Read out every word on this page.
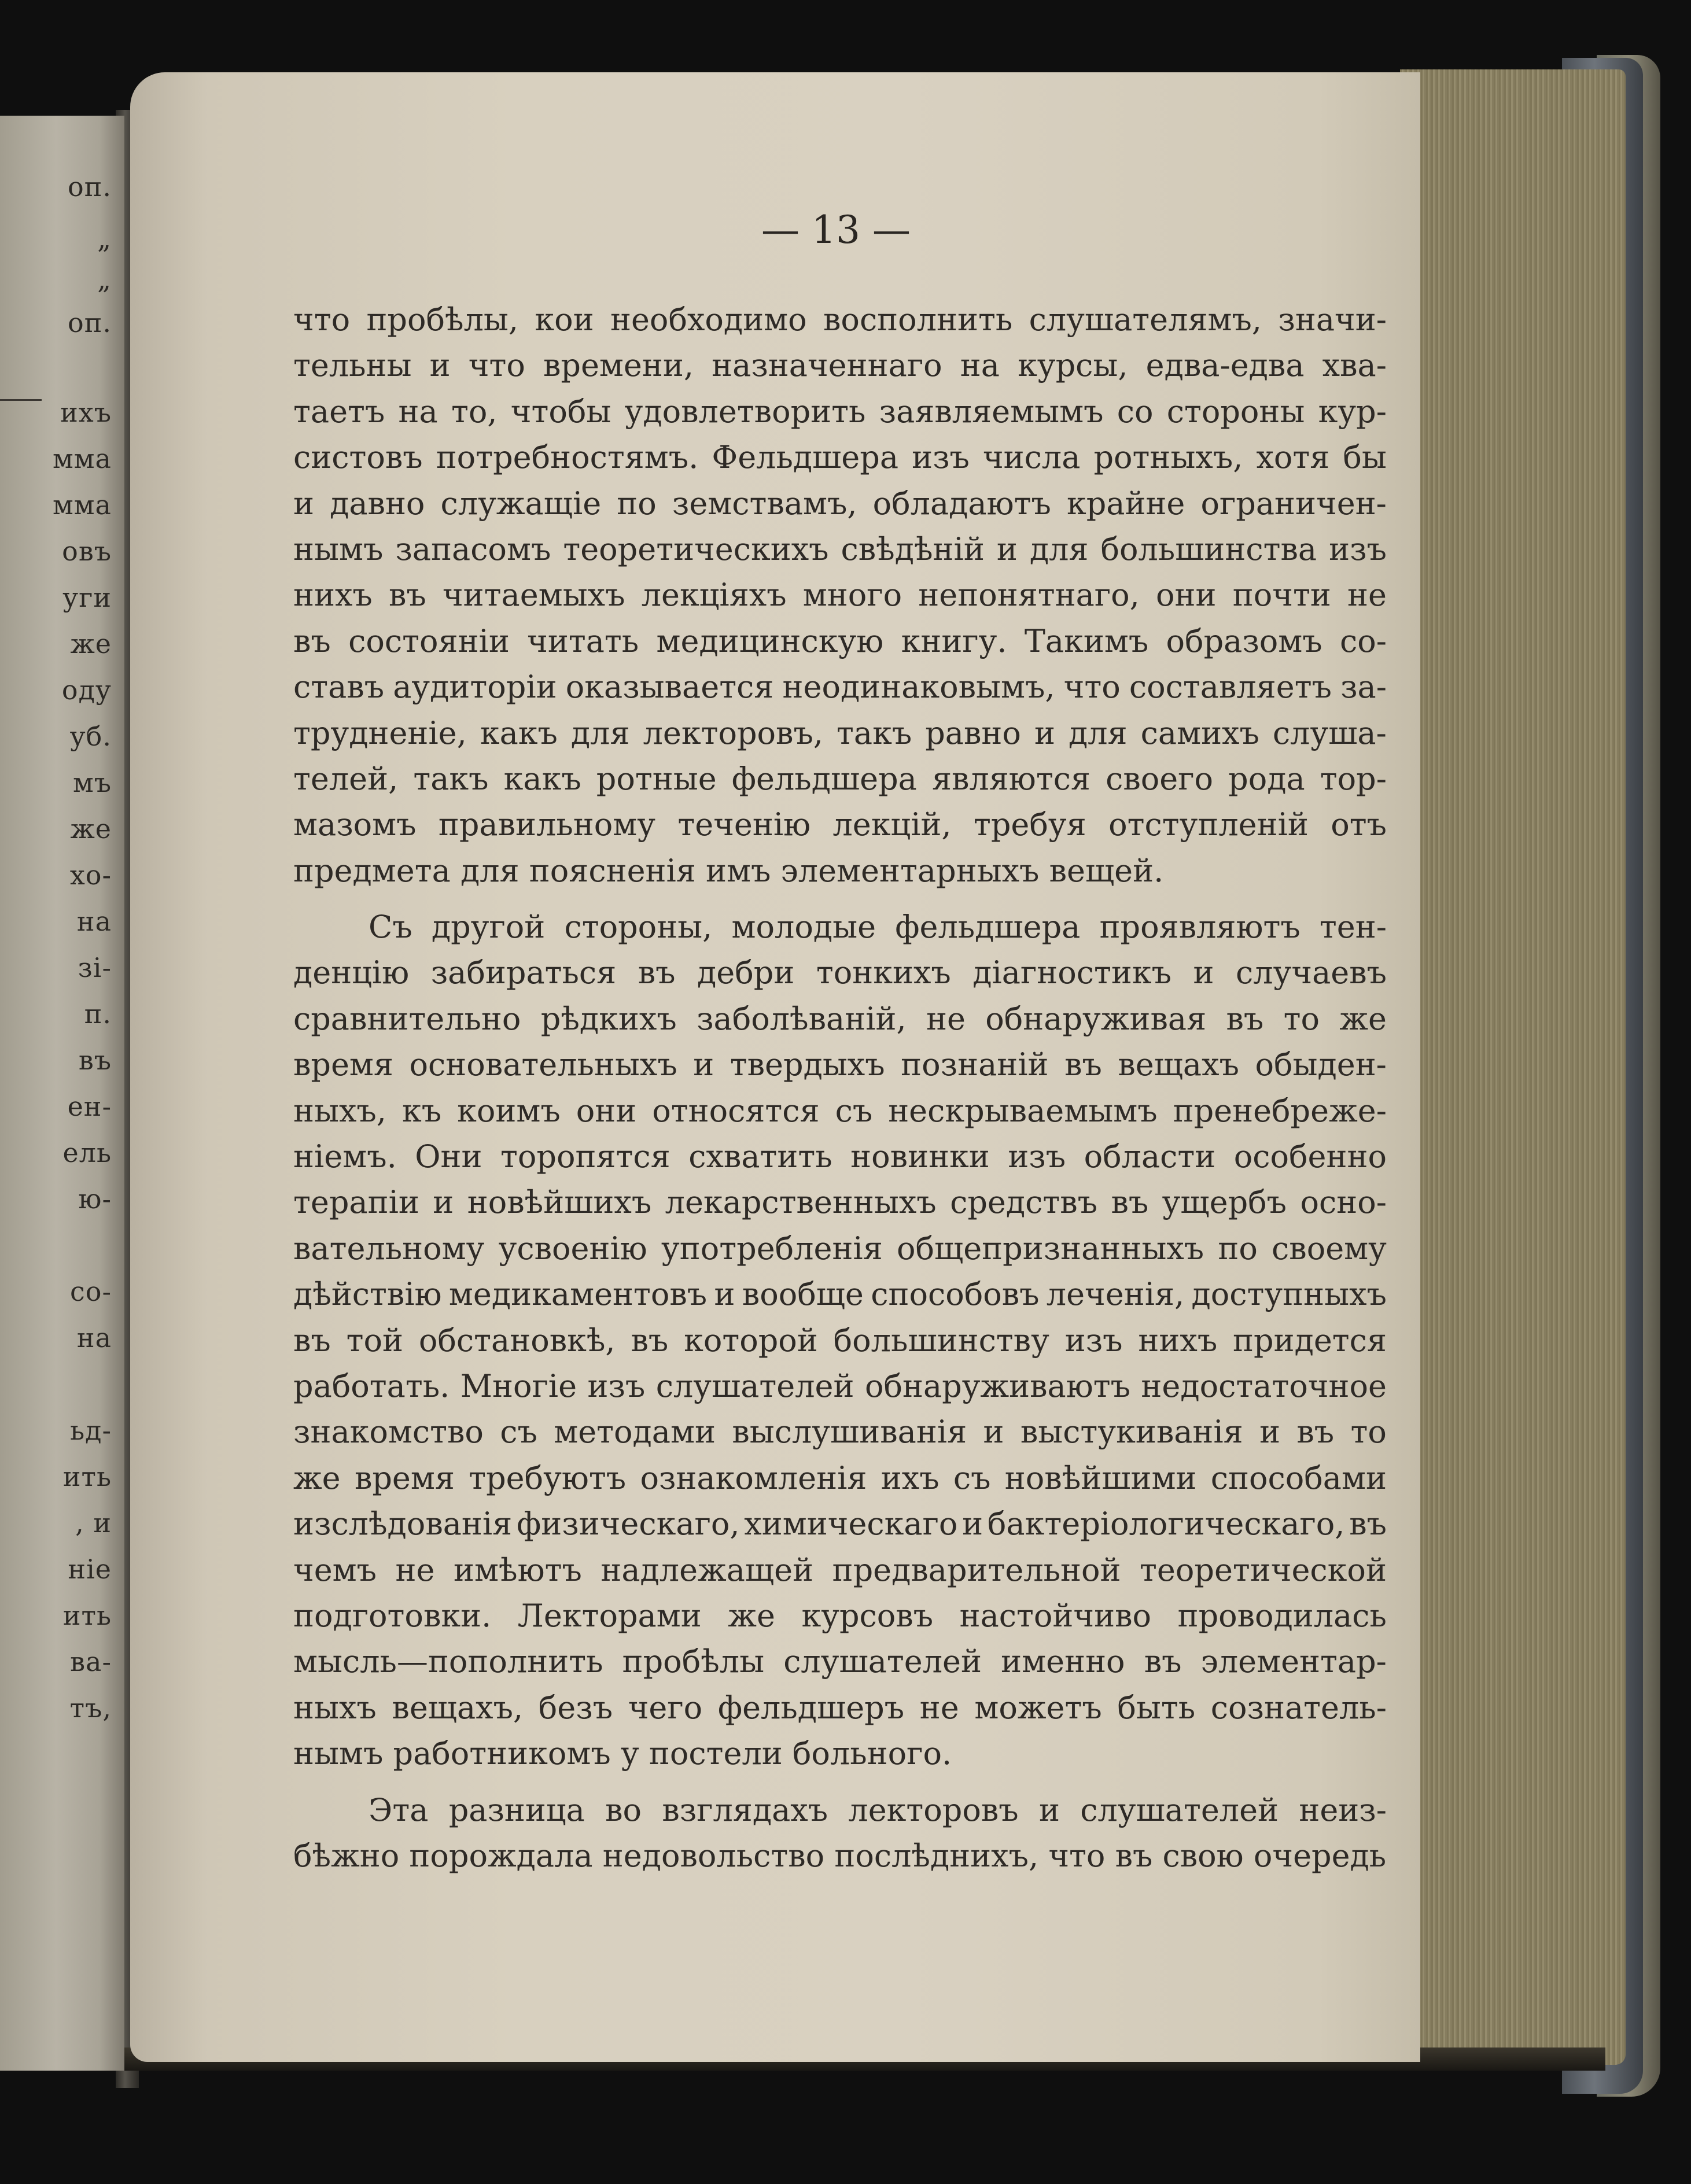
оп.
„
„
оп.
ихъ
мма
мма
овъ
уги
же
оду
уб.
мъ
же
хо-
на
зі-
п.
въ
ен-
ель
ю-
со-
на
ьд-
ить
, и
ніе
ить
ва-
тъ,
— 13 —
что пробѣлы, кои необходимо восполнить слушателямъ, значи-
тельны и что времени, назначеннаго на курсы, едва-едва хва-
таетъ на то, чтобы удовлетворить заявляемымъ со стороны кур-
систовъ потребностямъ. Фельдшера изъ числа ротныхъ, хотя бы
и давно служащіе по земствамъ, обладаютъ крайне ограничен-
нымъ запасомъ теоретическихъ свѣдѣній и для большинства изъ
нихъ въ читаемыхъ лекціяхъ много непонятнаго, они почти не
въ состояніи читать медицинскую книгу. Такимъ образомъ со-
ставъ аудиторіи оказывается неодинаковымъ, что составляетъ за-
трудненіе, какъ для лекторовъ, такъ равно и для самихъ слуша-
телей, такъ какъ ротные фельдшера являются своего рода тор-
мазомъ правильному теченію лекцій, требуя отступленій отъ
предмета для поясненія имъ элементарныхъ вещей.
Съ другой стороны, молодые фельдшера проявляютъ тен-
денцію забираться въ дебри тонкихъ діагностикъ и случаевъ
сравнительно рѣдкихъ заболѣваній, не обнаруживая въ то же
время основательныхъ и твердыхъ познаній въ вещахъ обыден-
ныхъ, къ коимъ они относятся съ нескрываемымъ пренебреже-
ніемъ. Они торопятся схватить новинки изъ области особенно
терапіи и новѣйшихъ лекарственныхъ средствъ въ ущербъ осно-
вательному усвоенію употребленія общепризнанныхъ по своему
дѣйствію медикаментовъ и вообще способовъ леченія, доступныхъ
въ той обстановкѣ, въ которой большинству изъ нихъ придется
работать. Многіе изъ слушателей обнаруживаютъ недостаточное
знакомство съ методами выслушиванія и выстукиванія и въ то
же время требуютъ ознакомленія ихъ съ новѣйшими способами
изслѣдованія физическаго, химическаго и бактеріологическаго, въ
чемъ не имѣютъ надлежащей предварительной теоретической
подготовки. Лекторами же курсовъ настойчиво проводилась
мысль—пополнить пробѣлы слушателей именно въ элементар-
ныхъ вещахъ, безъ чего фельдшеръ не можетъ быть сознатель-
нымъ работникомъ у постели больного.
Эта разница во взглядахъ лекторовъ и слушателей неиз-
бѣжно порождала недовольство послѣднихъ, что въ свою очередь
